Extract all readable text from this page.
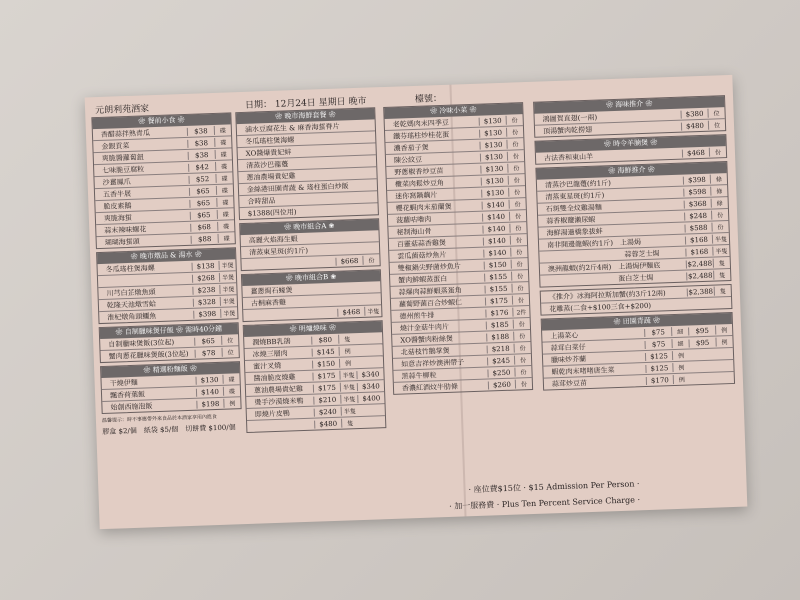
元朗利苑酒家	日期： 12月24日 星期日 晚市	檯號：
❀ 餐前小食 ❀
香醋蒜拌熟青瓜	$38	碟
金銀貢菜	$38	碟
爽脆醬蘿蔔鈕	$38	碟
七味脆豆腐粒	$42	碟
沙薑鳳爪	$52	碟
五香牛展	$65	碟
脆皮素鵝	$65	碟
爽脆海蜇	$65	碟
蒜末辣味螺花	$68	碟
瑚瑚海蜇頭	$88	碟
❀ 晚市燉品 & 湯水 ❀
冬瓜瑤柱煲海螺	$138	半煲
$268	半煲
川芎白芷燉魚頭	$238	半煲
乾隆天池燉雪蛤	$328	半煲
淮杞燉角頭鱷魚	$398	半煲
❀ 自制臘味煲仔飯 ❀ 需時40分鐘
自制臘味煲飯(3位起)	$65	位
蟹肉蔥花臘味煲飯(3位起)	$78	位
❀ 精選粉麵飯 ❀
干燒伊麵	$130	碟
飄香荷葉飯	$140	碟
始創西施泡飯	$198	例
温馨提示：時不事應帶外來食品於本酒家享用內進食
膠盒 $2/個　紙袋 $5/個　切餅費 $100/個
❀ 晚市海鮮套餐 ❀
滷水豆腐花生 & 麻香海蜇脊片
冬瓜瑤柱煲海螺
XO醬爆貴妃蚌
清蒸沙巴龍躉
蔥油農場貴妃雞
金絲港田園青蔬 & 瑤柱蛋白炒飯
合時甜品
$1388(四位用)
❀ 晚市組合A ❀
高麗火焰海生蝦
清蒸東星斑(約1斤)
$668	份
❀ 晚市組合B ❀
薑蔥焗石蠔煲
古桐麻香雞
$468	半隻
❀ 明爐燒味 ❀
潤燒BB乳鴿	$80	隻
冰燒三層肉	$145	例
蜜汁叉燒	$150	例
醬油脆皮燒雞	$175	半隻 $340
蔥油農場貴妃雞	$175	半隻 $340
燙手沙漠燒米鴨	$210	半隻 $400
即燒片皮鴨	$240	半隻
$480	隻
❀ 冷味小菜 ❀
老乾媽肉末四季豆	$130	份
鐵芬瑤柱炒桂花蛋	$130	份
濃香茄子煲	$130	份
陳公紋豆	$130	份
野蔥椒香炒豆苗	$130	份
欖菜肉鬆炒豆角	$130	份
迷你窩鍋藕片	$130	份
櫻花蝦肉末茄蘭煲	$140	份
菠蘿咕嚕肉	$140	份
秘制海山骨	$140	份
百靈菇蒜香雞煲	$140	份
雲瓜菌菇炒魚片	$140	份
雙椒鍋尖野菌炒魚片	$150	份
蟹肉鮮蝦蒸蛋白	$155	份
蒜爆肉蒜鮮蝦蒸蛋角	$155	份
蘿蔔野菌百合炒蝦仁	$175	份
德州煎牛排	$176	2件
燒汁金菇牛肉片	$185	份
XO醬蟹肉粉絲煲	$188	份
北菇枝竹鵝掌煲	$218	份
如意吉祥炒澳洲帶子	$245	份
黑蒜牛柳粒	$250	份
香濃紅酒炆牛肋條	$260	份
❀ 海味推介 ❀
鴻圖賀直翅(一兩)	$380	位
頂湯蟹肉乾撈翅	$480	位
❀ 時令羊腩煲 ❀
古法香和東山羊	$468	份
❀ 海鮮推介 ❀
清蒸沙巴龍躉(約1斤)	$398	條
清蒸東星斑(約1斤)	$598	條
石斑雙全炆雞湯麵	$368	條
蒜香椒鹽瀨尿蝦	$248	份
海鮮湯過橋象拔蚌	$588	份
南非開邊龍蝦(約1斤)　上湯焗	$168	半隻
　　　　　　　　　　　蒜蓉芝士焗	$168	半隻
澳洲龍蝦(約2斤4兩)　上湯焗伊麵底	$2,488	隻
　　　　　　　　　　蛋白芝士焗	$2,488	隻
《推介》冰海阿拉斯加蟹(約3斤12兩)	$2,388	隻
花雕蒸(二食+$100三食+$200)
❀ 田園青蔬 ❀
上湯菜心	$75	細	$95	例
蒜茸白菜仔	$75	細	$95	例
臘味炒芥蘭	$125	例
蝦乾肉末啫啫唐生菜	$125	例
蒜茸炒豆苗	$170	例
· 座位費$15位 · $15 Admission Per Person ·
· 加一服務費 · Plus Ten Percent Service Charge ·
